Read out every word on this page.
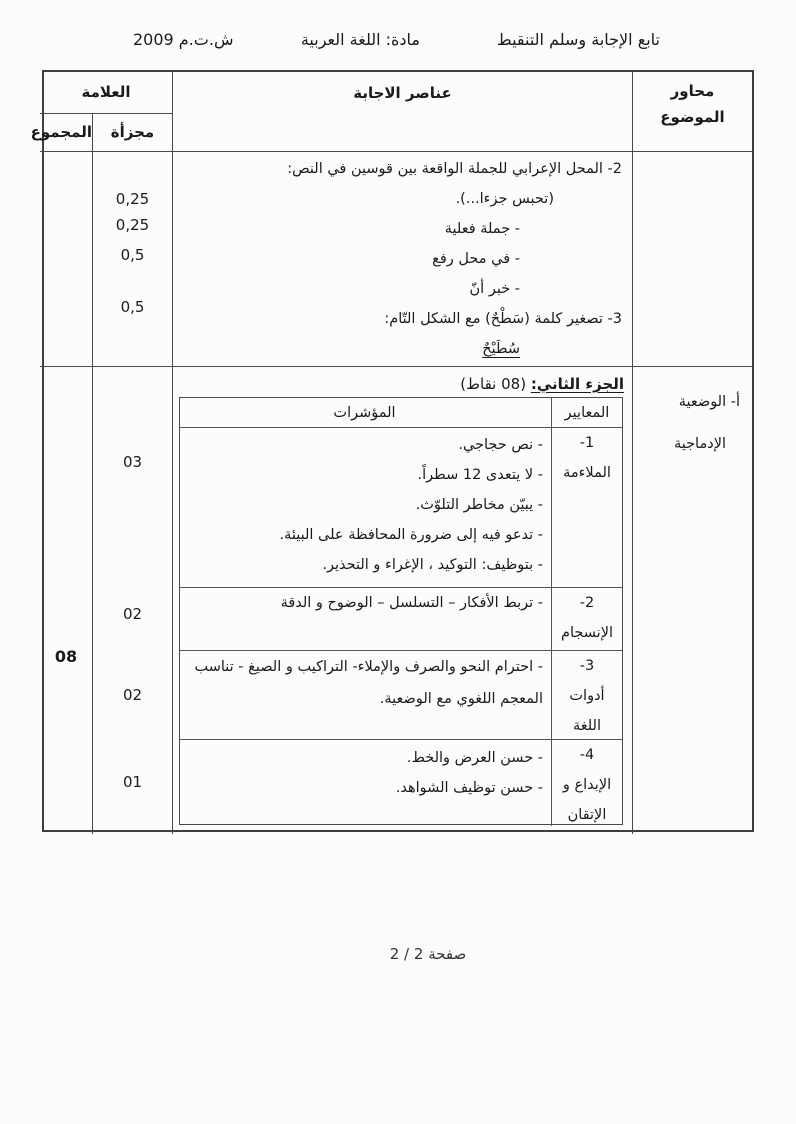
تابع الإجابة وسلم التنقيط
مادة: اللغة العربية
ش.ت.م 2009
محاور
الموضوع
عناصر الاجابة
العلامة
مجزأة
المجموع
2- المحل الإعرابي للجملة الواقعة بين قوسين في النص:
(تحبس جزءا...).
- جملة فعلية
- في محل رفع
- خبر أنّ
3- تصغير كلمة (سَطْحٌ) مع الشكل التّام:
سُطَيْحٌ
0,25
0,25
0,5
0,5
أ- الوضعية
الإدماجية
الجزء الثاني: (08 نقاط)
المعايير
المؤشرات
1-
الملاءمة
- نص حجاجي.
- لا يتعدى 12 سطراً.
- يبيّن مخاطر التلوّث.
- تدعو فيه إلى ضرورة المحافظة على البيئة.
- بتوظيف: التوكيد ، الإغراء و التحذير.
2-
الإنسجام
- تربط الأفكار – التسلسل – الوضوح و الدقة
3-
أدوات
اللغة
- احترام النحو والصرف والإملاء- التراكيب و الصيغ - تناسب المعجم اللغوي مع الوضعية.
4-
الإبداع و
الإتقان
- حسن العرض والخط.
- حسن توظيف الشواهد.
03
02
02
01
08
صفحة 2 / 2
